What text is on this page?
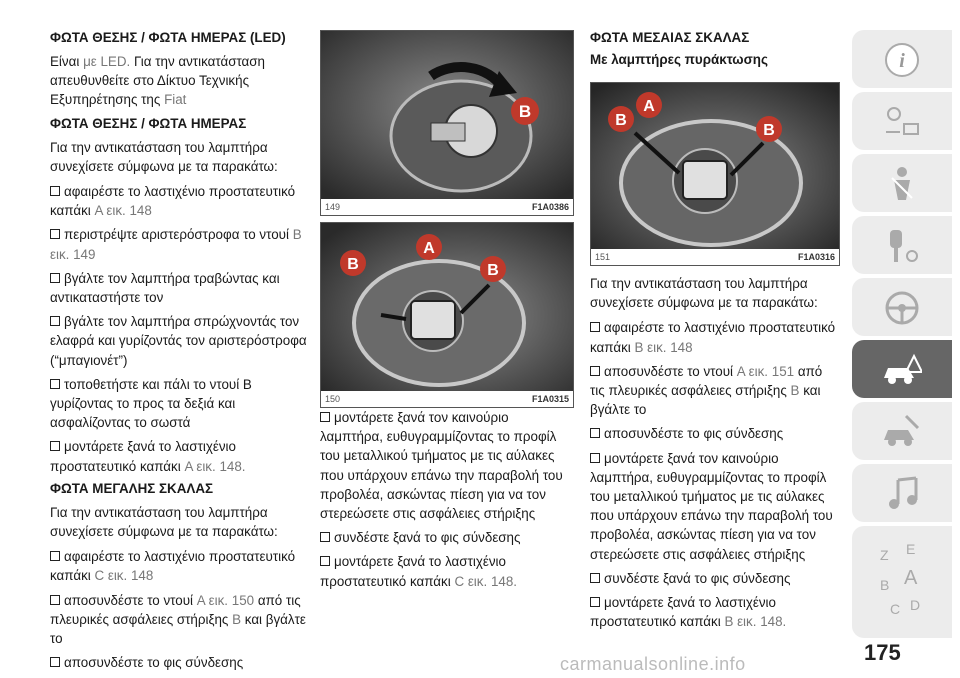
ΦΩΤΑ ΘΕΣΗΣ / ΦΩΤΑ ΗΜΕΡΑΣ (LED)

Είναι με LED. Για την αντικατάσταση απευθυνθείτε στο Δίκτυο Τεχνικής Εξυπηρέτησης της Fiat

ΦΩΤΑ ΘΕΣΗΣ / ΦΩΤΑ ΗΜΕΡΑΣ

Για την αντικατάσταση του λαμπτήρα συνεχίσετε σύμφωνα με τα παρακάτω:

αφαιρέστε το λαστιχένιο προστατευτικό καπάκι A εικ. 148

περιστρέψτε αριστερόστροφα το ντουί B εικ. 149

βγάλτε τον λαμπτήρα τραβώντας και αντικαταστήστε τον

βγάλτε τον λαμπτήρα σπρώχνοντάς τον ελαφρά και γυρίζοντάς τον αριστερόστροφα (“μπαγιονέτ”)

τοποθετήστε και πάλι το ντουί B γυρίζοντας το προς τα δεξιά και ασφαλίζοντας το σωστά

μοντάρετε ξανά το λαστιχένιο προστατευτικό καπάκι A εικ. 148.

ΦΩΤΑ ΜΕΓΑΛΗΣ ΣΚΑΛΑΣ

Για την αντικατάσταση του λαμπτήρα συνεχίσετε σύμφωνα με τα παρακάτω:

αφαιρέστε το λαστιχένιο προστατευτικό καπάκι C εικ. 148

αποσυνδέστε το ντουί A εικ. 150 από τις πλευρικές ασφάλειες στήριξης B και βγάλτε το

αποσυνδέστε το φις σύνδεσης

B
149	F1A0386
A
B	B
150	F1A0315

μοντάρετε ξανά τον καινούριο λαμπτήρα, ευθυγραμμίζοντας το προφίλ του μεταλλικού τμήματος με τις αύλακες που υπάρχουν επάνω την παραβολή του προβολέα, ασκώντας πίεση για να τον στερεώσετε στις ασφάλειες στήριξης

συνδέστε ξανά το φις σύνδεσης

μοντάρετε ξανά το λαστιχένιο προστατευτικό καπάκι C εικ. 148.

ΦΩΤΑ ΜΕΣΑΙΑΣ ΣΚΑΛΑΣ
Με λαμπτήρες πυράκτωσης
B
A
B
151	F1A0316

Για την αντικατάσταση του λαμπτήρα συνεχίσετε σύμφωνα με τα παρακάτω:

αφαιρέστε το λαστιχένιο προστατευτικό καπάκι B εικ. 148

αποσυνδέστε το ντουί A εικ. 151 από τις πλευρικές ασφάλειες στήριξης B και βγάλτε το

αποσυνδέστε το φις σύνδεσης

μοντάρετε ξανά τον καινούριο λαμπτήρα, ευθυγραμμίζοντας το προφίλ του μεταλλικού τμήματος με τις αύλακες που υπάρχουν επάνω την παραβολή του προβολέα, ασκώντας πίεση για να τον στερεώσετε στις ασφάλειες στήριξης

συνδέστε ξανά το φις σύνδεσης

μοντάρετε ξανά το λαστιχένιο προστατευτικό καπάκι B εικ. 148.

i
Z E
B A
C D
175
carmanualsonline.info
